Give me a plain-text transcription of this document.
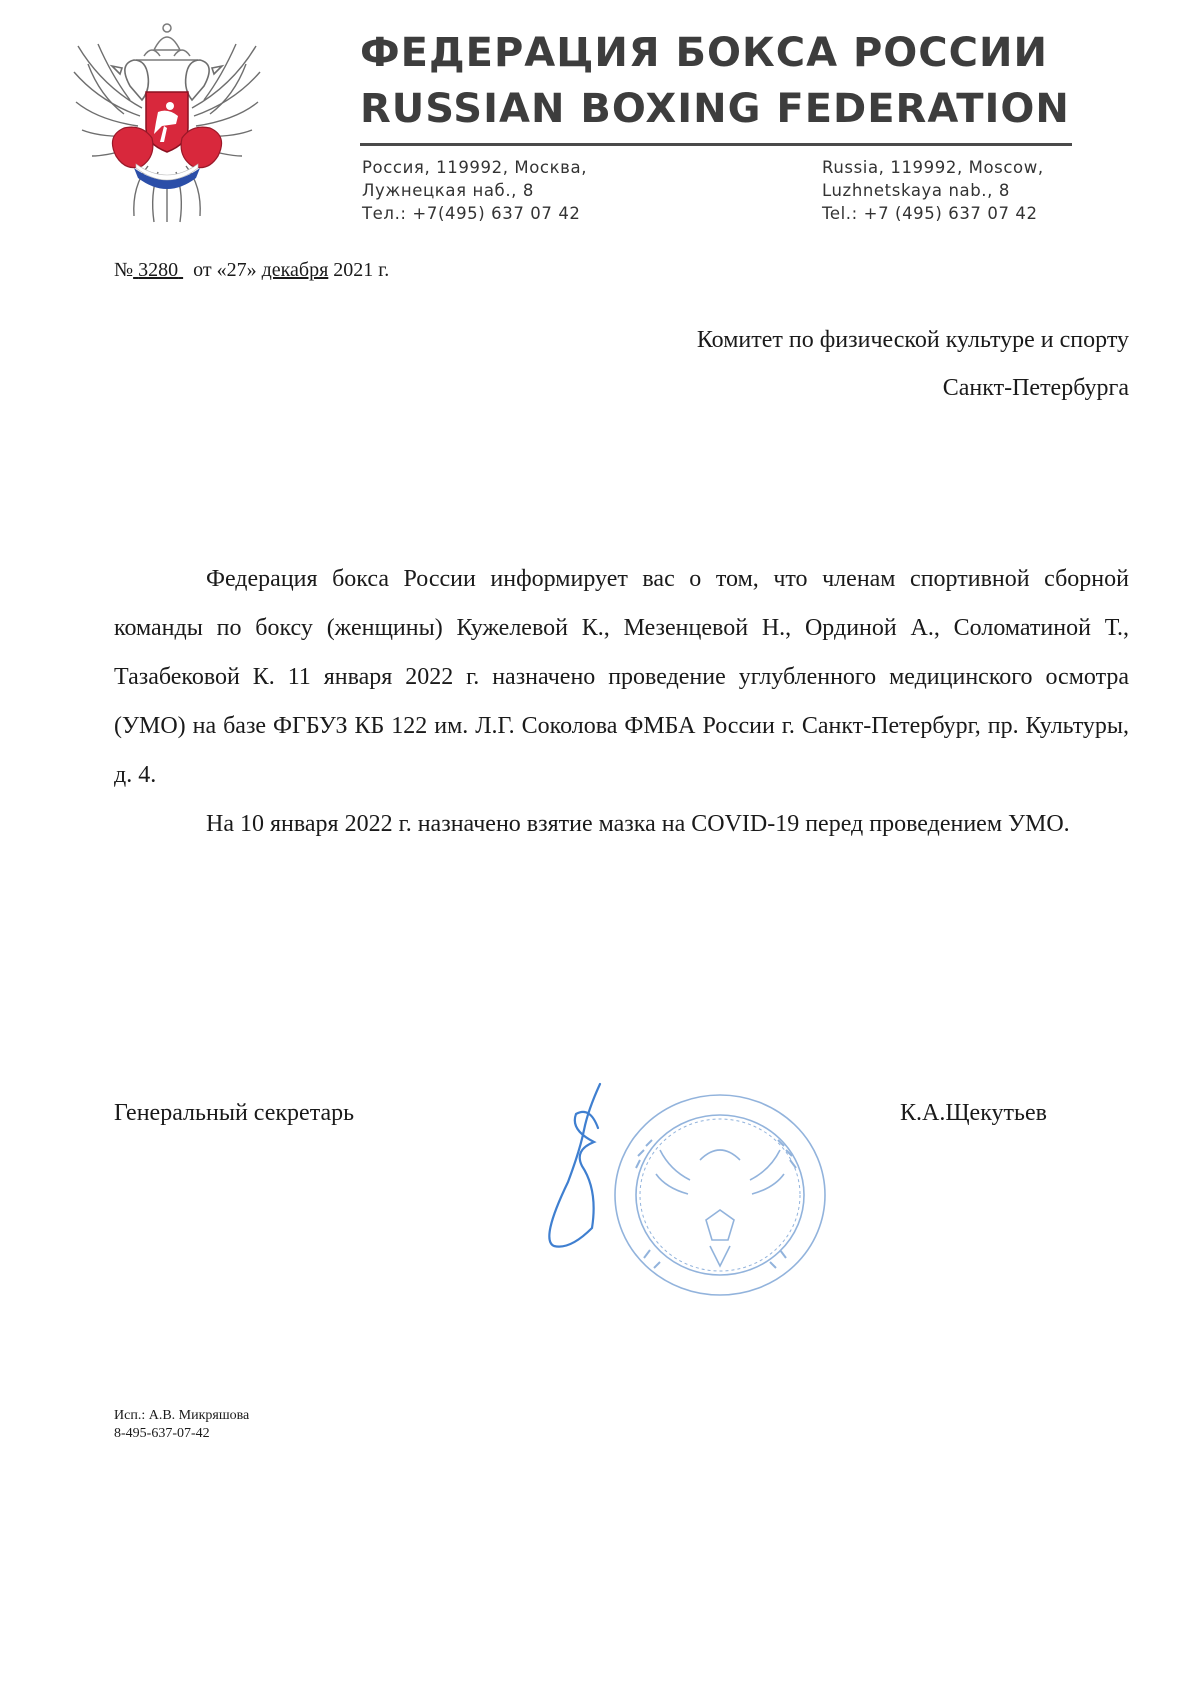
ФЕДЕРАЦИЯ БОКСА РОССИИ
RUSSIAN BOXING FEDERATION
Россия, 119992, Москва,
Лужнецкая наб., 8
Тел.: +7(495) 637 07 42
Russia, 119992, Moscow,
Luzhnetskaya nab., 8
Tel.: +7 (495) 637 07 42
№ 3280 от «27» декабря 2021 г.
Комитет по физической культуре и спорту
Санкт-Петербурга

Федерация бокса России информирует вас о том, что членам спортивной сборной команды по боксу (женщины) Кужелевой К., Мезенцевой Н., Ординой А., Соломатиной Т., Тазабековой К. 11 января 2022 г. назначено проведение углубленного медицинского осмотра (УМО) на базе ФГБУЗ КБ 122 им. Л.Г. Соколова ФМБА России г. Санкт-Петербург, пр. Культуры, д. 4.

На 10 января 2022 г. назначено взятие мазка на COVID-19 перед проведением УМО.

Генеральный секретарь	К.А.Щекутьев
Исп.: А.В. Микряшова
8-495-637-07-42
